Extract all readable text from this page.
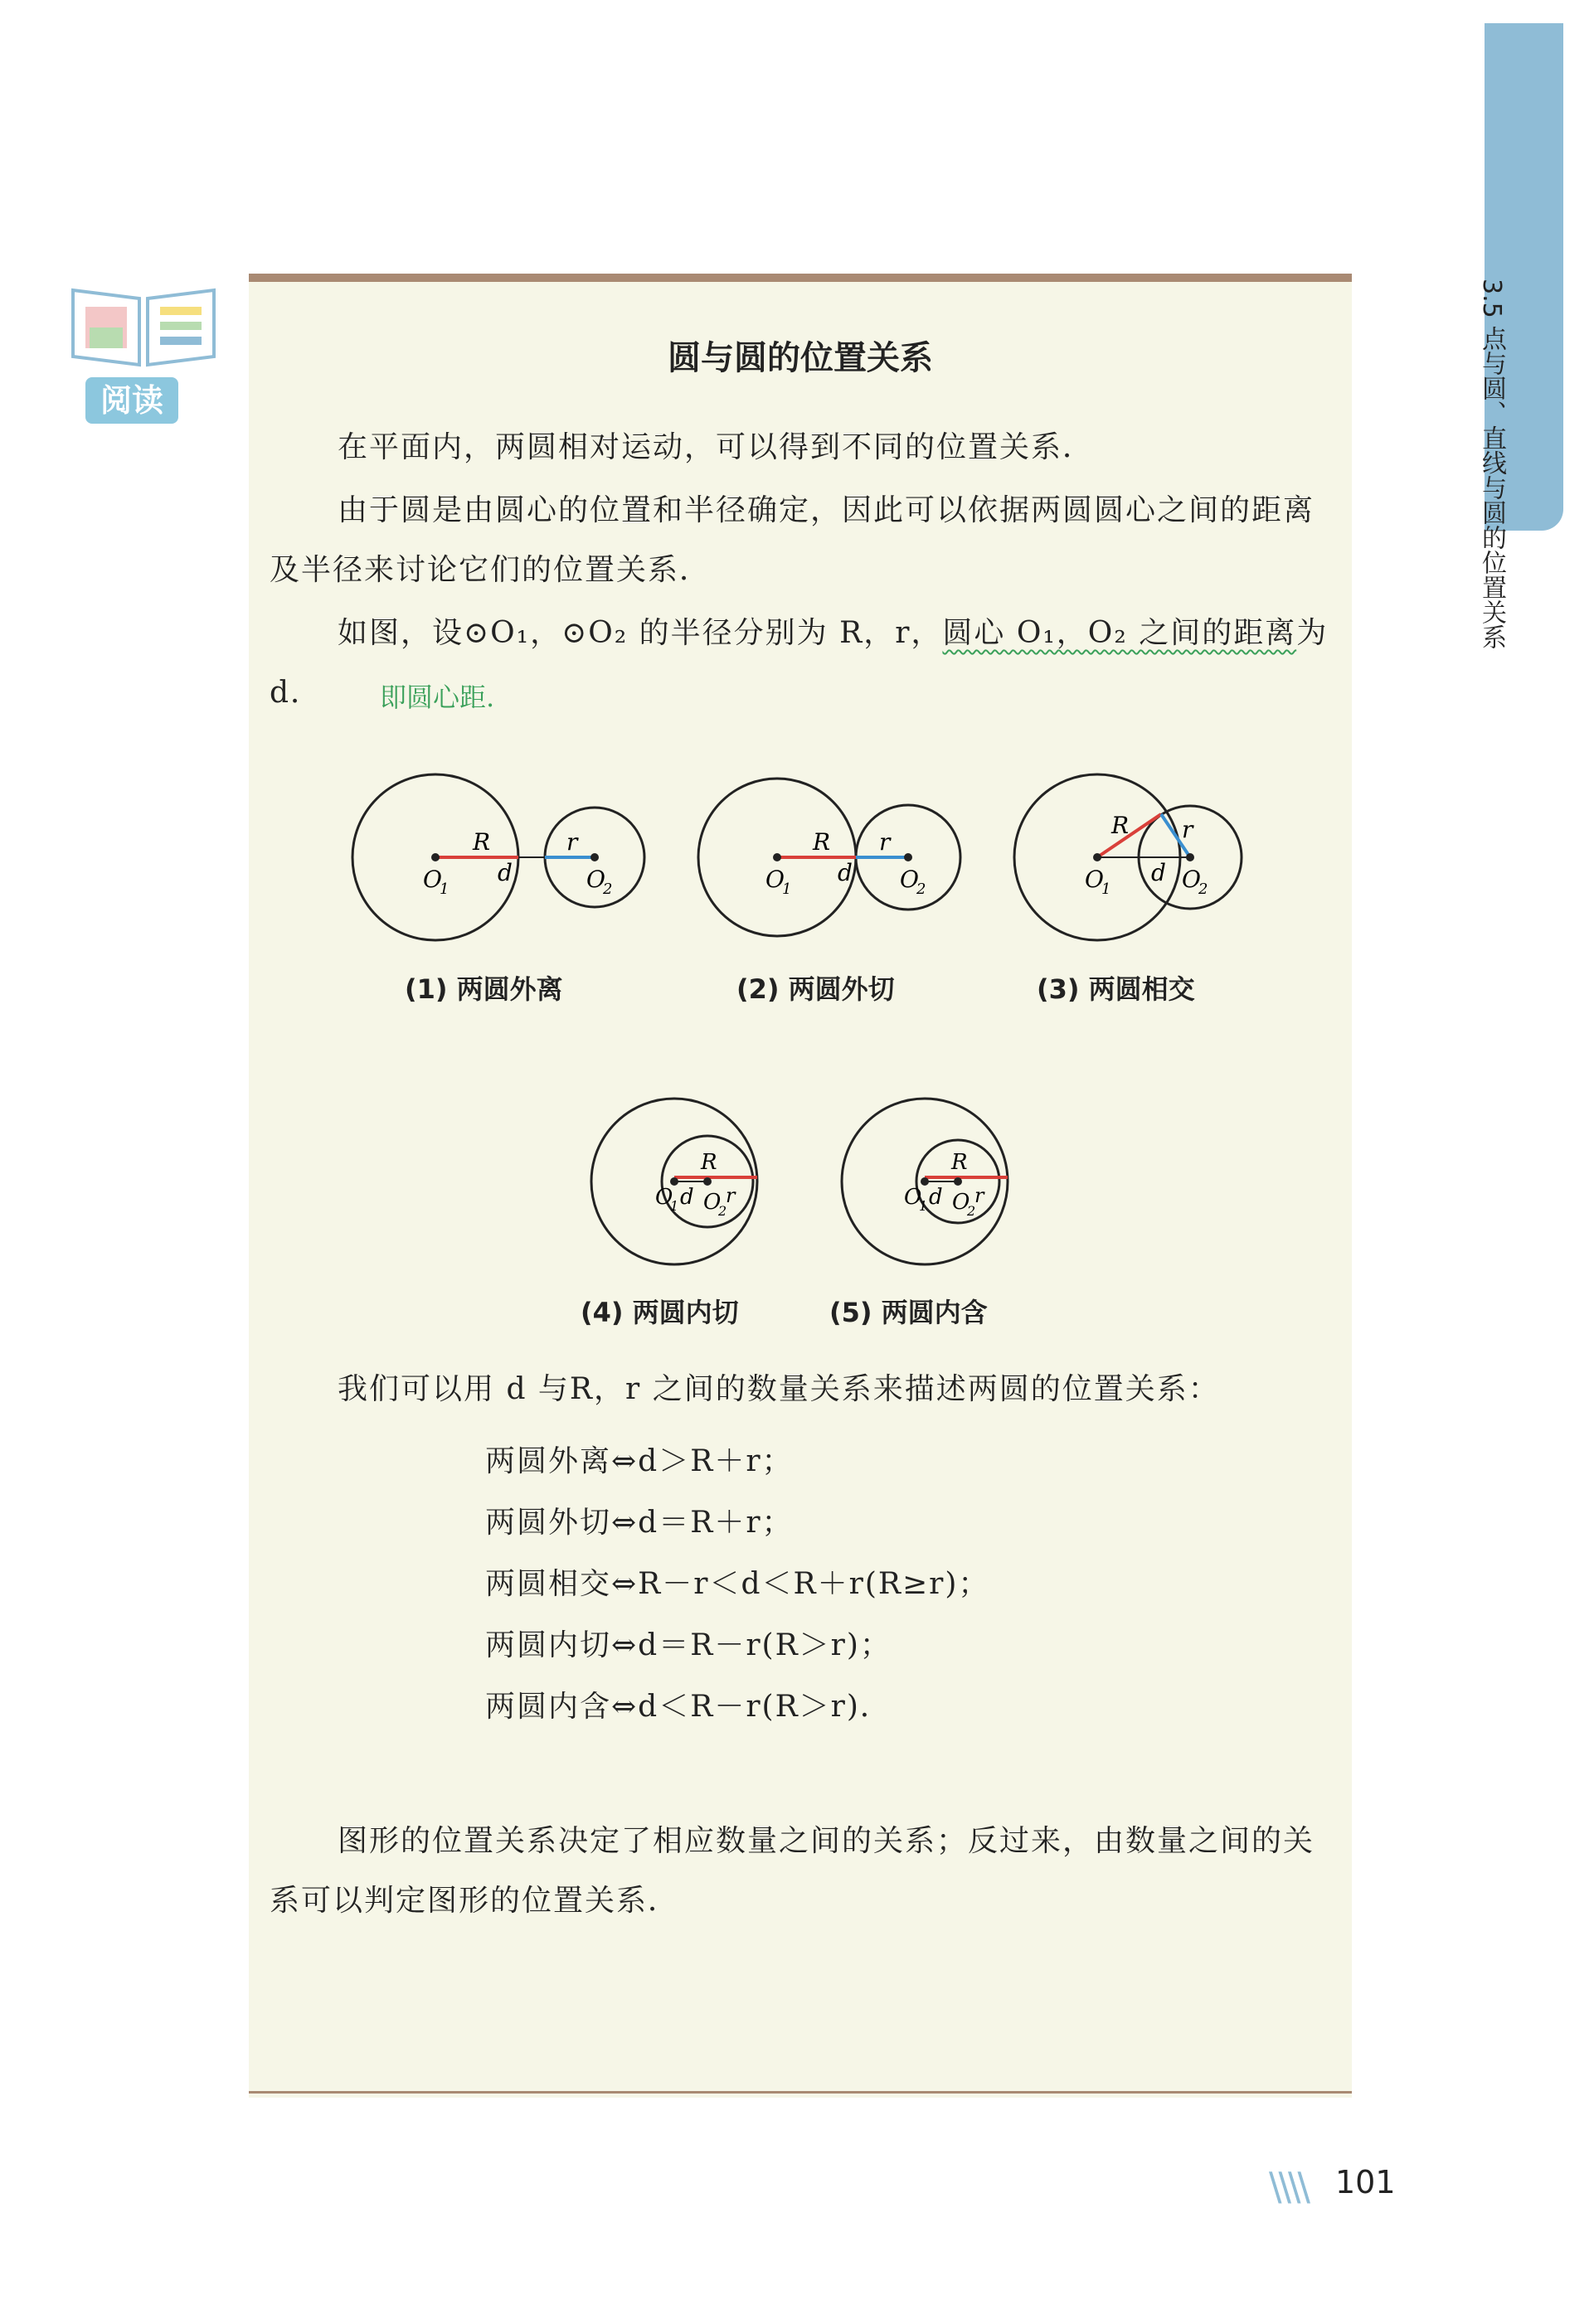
3.5 点与圆、直线与圆的位置关系
阅读
圆与圆的位置关系
在平面内，两圆相对运动，可以得到不同的位置关系．
由于圆是由圆心的位置和半径确定，因此可以依据两圆圆心之间的距离及半径来讨论它们的位置关系．
如图，设⊙O₁，⊙O₂ 的半径分别为 R，r，圆心 O₁，O₂ 之间的距离为 d．	即圆心距.
R	r
O
1
d	O
2
R r
O
1
d O
2
R r
O
1
d O
2
R
r
O
1 d O
2
R
r
O
1 d O
2
(1) 两圆外离	(2) 两圆外切	(3) 两圆相交
(4) 两圆内切	(5) 两圆内含
我们可以用 d 与R，r 之间的数量关系来描述两圆的位置关系：
两圆外离⇔d＞R＋r；
两圆外切⇔d＝R＋r；
两圆相交⇔R－r＜d＜R＋r(R≥r)；
两圆内切⇔d＝R－r(R＞r)；
两圆内含⇔d＜R－r(R＞r)．
图形的位置关系决定了相应数量之间的关系；反过来，由数量之间的关系可以判定图形的位置关系．
\\\\ 101
